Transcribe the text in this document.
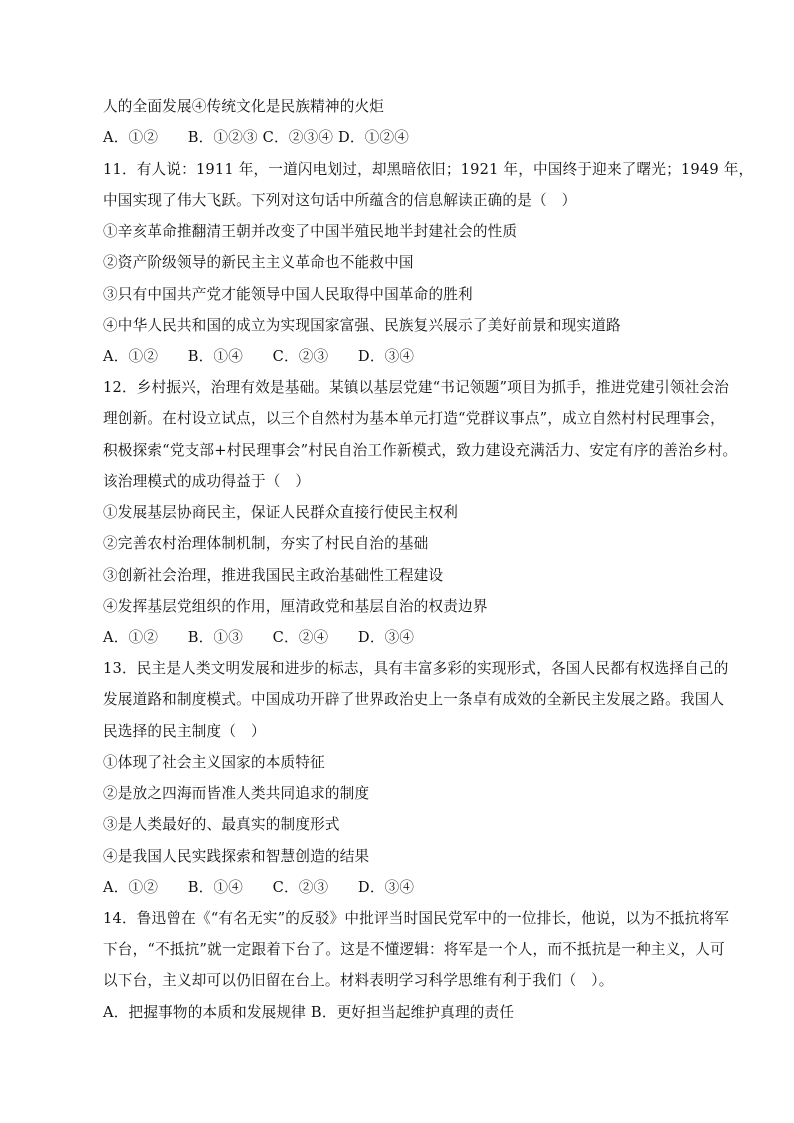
人的全面发展④传统文化是民族精神的火炬
A．①②　　B．①②③ C．②③④ D．①②④
11．有人说：1911 年，一道闪电划过，却黑暗依旧；1921 年，中国终于迎来了曙光；1949 年，
中国实现了伟大飞跃。下列对这句话中所蕴含的信息解读正确的是（　）
①辛亥革命推翻清王朝并改变了中国半殖民地半封建社会的性质
②资产阶级领导的新民主主义革命也不能救中国
③只有中国共产党才能领导中国人民取得中国革命的胜利
④中华人民共和国的成立为实现国家富强、民族复兴展示了美好前景和现实道路
A．①②　　B．①④　　C．②③　　D．③④
12．乡村振兴，治理有效是基础。某镇以基层党建“书记领题”项目为抓手，推进党建引领社会治
理创新。在村设立试点，以三个自然村为基本单元打造“党群议事点”，成立自然村村民理事会，
积极探索“党支部+村民理事会”村民自治工作新模式，致力建设充满活力、安定有序的善治乡村。
该治理模式的成功得益于（　）
①发展基层协商民主，保证人民群众直接行使民主权利
②完善农村治理体制机制，夯实了村民自治的基础
③创新社会治理，推进我国民主政治基础性工程建设
④发挥基层党组织的作用，厘清政党和基层自治的权责边界
A．①②　　B．①③　　C．②④　　D．③④
13．民主是人类文明发展和进步的标志，具有丰富多彩的实现形式，各国人民都有权选择自己的
发展道路和制度模式。中国成功开辟了世界政治史上一条卓有成效的全新民主发展之路。我国人
民选择的民主制度（　）
①体现了社会主义国家的本质特征
②是放之四海而皆准人类共同追求的制度
③是人类最好的、最真实的制度形式
④是我国人民实践探索和智慧创造的结果
A．①②　　B．①④　　C．②③　　D．③④
14．鲁迅曾在《“有名无实”的反驳》中批评当时国民党军中的一位排长，他说，以为不抵抗将军
下台，“不抵抗”就一定跟着下台了。这是不懂逻辑：将军是一个人，而不抵抗是一种主义，人可
以下台，主义却可以仍旧留在台上。材料表明学习科学思维有利于我们（　）。
A．把握事物的本质和发展规律 B．更好担当起维护真理的责任
